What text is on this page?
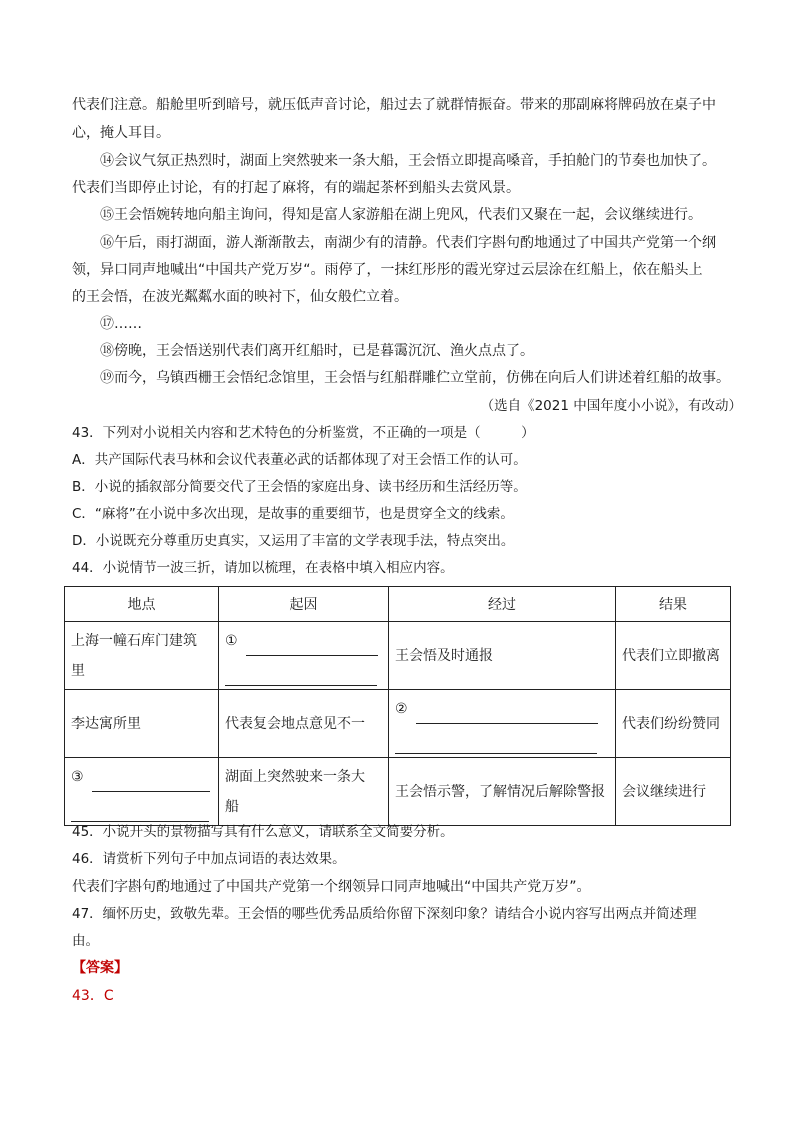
代表们注意。船舱里听到暗号，就压低声音讨论，船过去了就群情振奋。带来的那副麻将牌码放在桌子中
心，掩人耳目。
⑭会议气氛正热烈时，湖面上突然驶来一条大船，王会悟立即提高嗓音，手拍舱门的节奏也加快了。
代表们当即停止讨论，有的打起了麻将，有的端起茶杯到船头去赏风景。
⑮王会悟婉转地向船主询问，得知是富人家游船在湖上兜风，代表们又聚在一起，会议继续进行。
⑯午后，雨打湖面，游人渐渐散去，南湖少有的清静。代表们字斟句酌地通过了中国共产党第一个纲
领，异口同声地喊出“中国共产党万岁“。雨停了，一抹红彤彤的霞光穿过云层涂在红船上，依在船头上
的王会悟，在波光粼粼水面的映衬下，仙女般伫立着。
⑰……
⑱傍晚，王会悟送别代表们离开红船时，已是暮霭沉沉、渔火点点了。
⑲而今，乌镇西栅王会悟纪念馆里，王会悟与红船群雕伫立堂前，仿佛在向后人们讲述着红船的故事。
（选自《2021 中国年度小小说》，有改动）
43．下列对小说相关内容和艺术特色的分析鉴赏，不正确的一项是（　　　）
A．共产国际代表马林和会议代表董必武的话都体现了对王会悟工作的认可。
B．小说的插叙部分简要交代了王会悟的家庭出身、读书经历和生活经历等。
C．“麻将”在小说中多次出现，是故事的重要细节，也是贯穿全文的线索。
D．小说既充分尊重历史真实，又运用了丰富的文学表现手法，特点突出。
44．小说情节一波三折，请加以梳理，在表格中填入相应内容。
地点	起因	经过	结果

上海一幢石库门建筑
里	①	王会悟及时通报	代表们立即撤离
李达寓所里	代表复会地点意见不一	②	代表们纷纷赞同

③	湖面上突然驶来一条大
船	王会悟示警，了解情况后解除警报	会议继续进行
45．小说开头的景物描写具有什么意义，请联系全文简要分析。
46．请赏析下列句子中加点词语的表达效果。
代表们字斟句酌地通过了中国共产党第一个纲领异口同声地喊出“中国共产党万岁”。
47．缅怀历史，致敬先辈。王会悟的哪些优秀品质给你留下深刻印象？请结合小说内容写出两点并简述理
由。
【答案】
43．C
